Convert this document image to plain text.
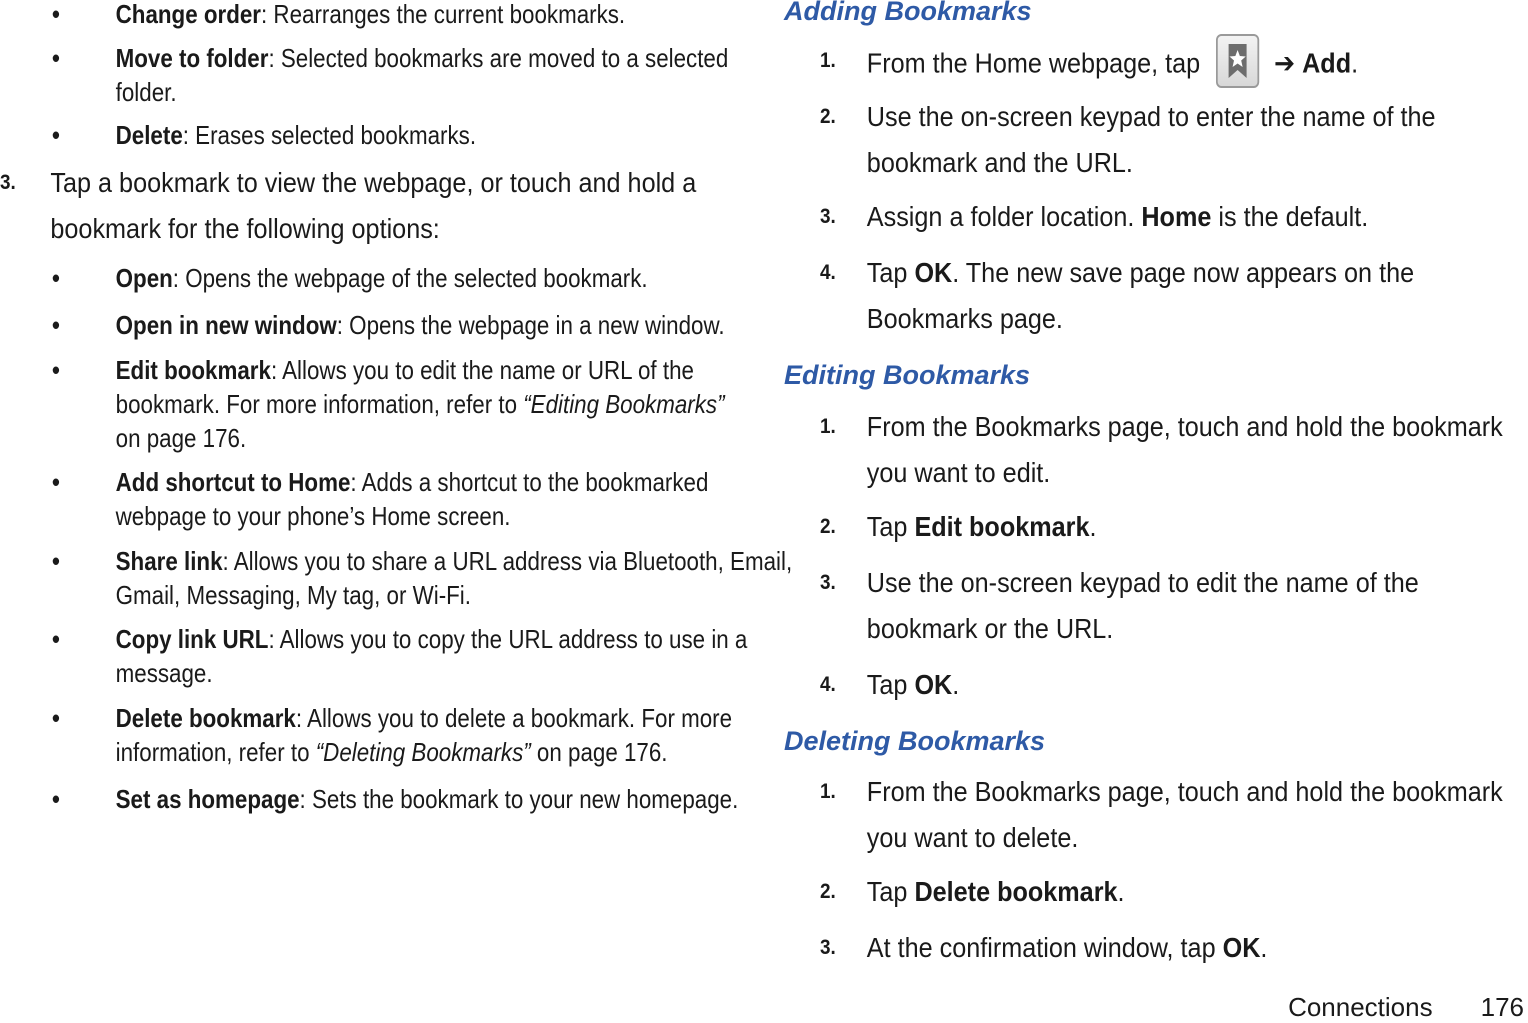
•	Change order: Rearranges the current bookmarks.
•	Move to folder: Selected bookmarks are moved to a selected
folder.
•	Delete: Erases selected bookmarks.
3.	Tap a bookmark to view the webpage, or touch and hold a
bookmark for the following options:
•	Open: Opens the webpage of the selected bookmark.
•	Open in new window: Opens the webpage in a new window.
•	Edit bookmark: Allows you to edit the name or URL of the
bookmark. For more information, refer to “Editing Bookmarks”
on page 176.
•	Add shortcut to Home: Adds a shortcut to the bookmarked
webpage to your phone’s Home screen.
•	Share link: Allows you to share a URL address via Bluetooth, Email,
Gmail, Messaging, My tag, or Wi-Fi.
•	Copy link URL: Allows you to copy the URL address to use in a
message.
•	Delete bookmark: Allows you to delete a bookmark. For more
information, refer to “Deleting Bookmarks” on page 176.
•	Set as homepage: Sets the bookmark to your new homepage.
Adding Bookmarks
1.	From the Home webpage, tap	➔ Add.
2.	Use the on-screen keypad to enter the name of the
bookmark and the URL.
3.	Assign a folder location. Home is the default.
4.	Tap OK. The new save page now appears on the
Bookmarks page.
Editing Bookmarks
1.	From the Bookmarks page, touch and hold the bookmark
you want to edit.
2.	Tap Edit bookmark.
3.	Use the on-screen keypad to edit the name of the
bookmark or the URL.
4.	Tap OK.
Deleting Bookmarks
1.	From the Bookmarks page, touch and hold the bookmark
you want to delete.
2.	Tap Delete bookmark.
3.	At the confirmation window, tap OK.
Connections 176
